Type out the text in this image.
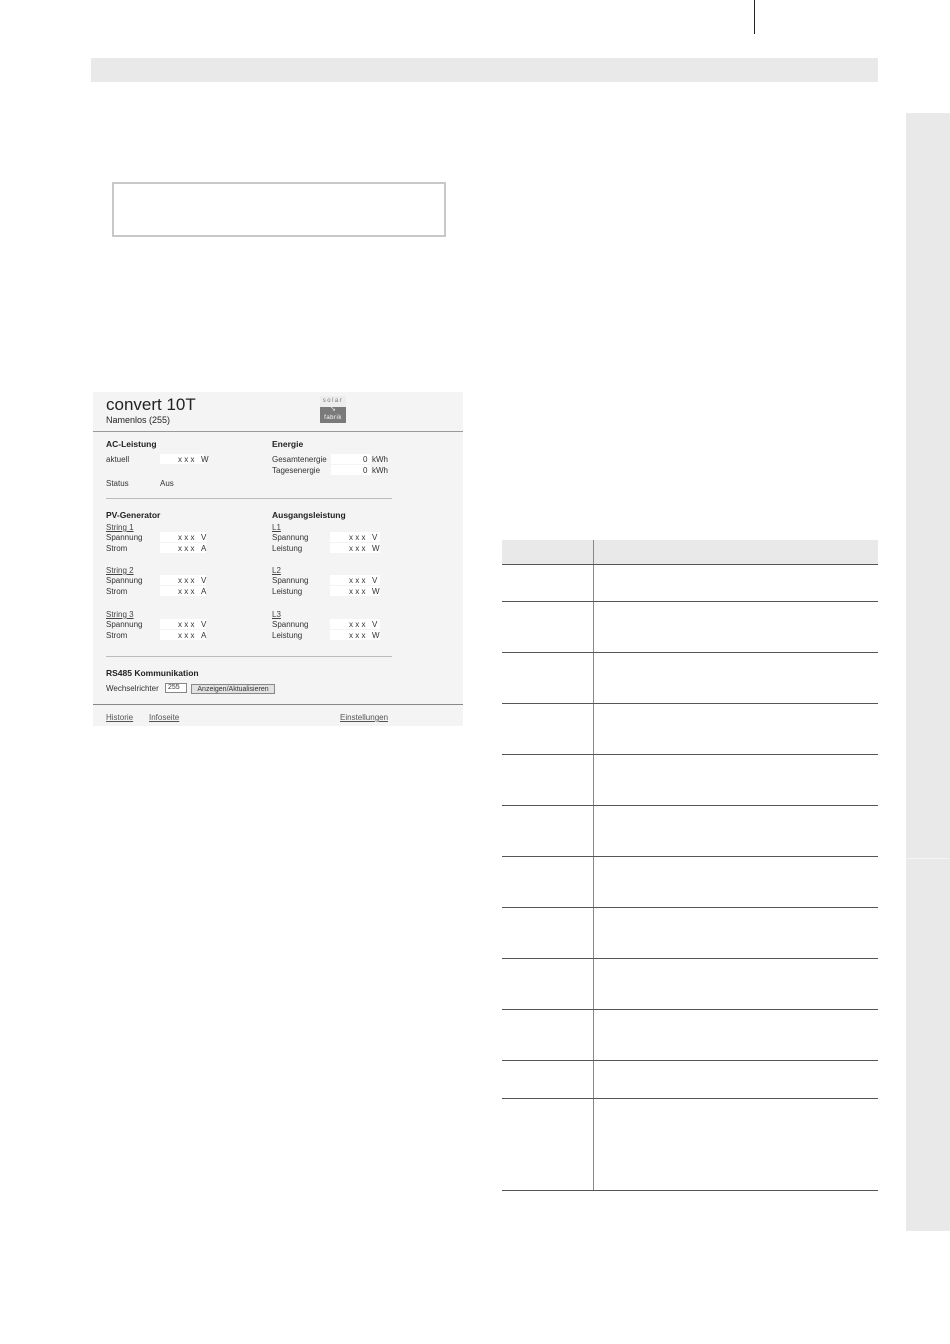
convert 10T
Namenlos (255)
solar
➘
fabrik
AC-Leistung
aktuell	x x x W
Status	Aus
Energie
Gesamtenergie	0 kWh
Tagesenergie	0 kWh
PV-Generator	Ausgangsleistung
RS485 Kommunikation
Wechselrichter
255	Anzeigen/Aktualisieren
Historie Infoseite	Einstellungen
String 1
Spannung	x x x V
Strom	x x x A
String 2
Spannung	x x x V
Strom	x x x A
String 3
Spannung	x x x V
Strom	x x x A
L1
Spannung	x x x V
Leistung	x x x W
L2
Spannung	x x x V
Leistung	x x x W
L3
Spannung	x x x V
Leistung	x x x W
